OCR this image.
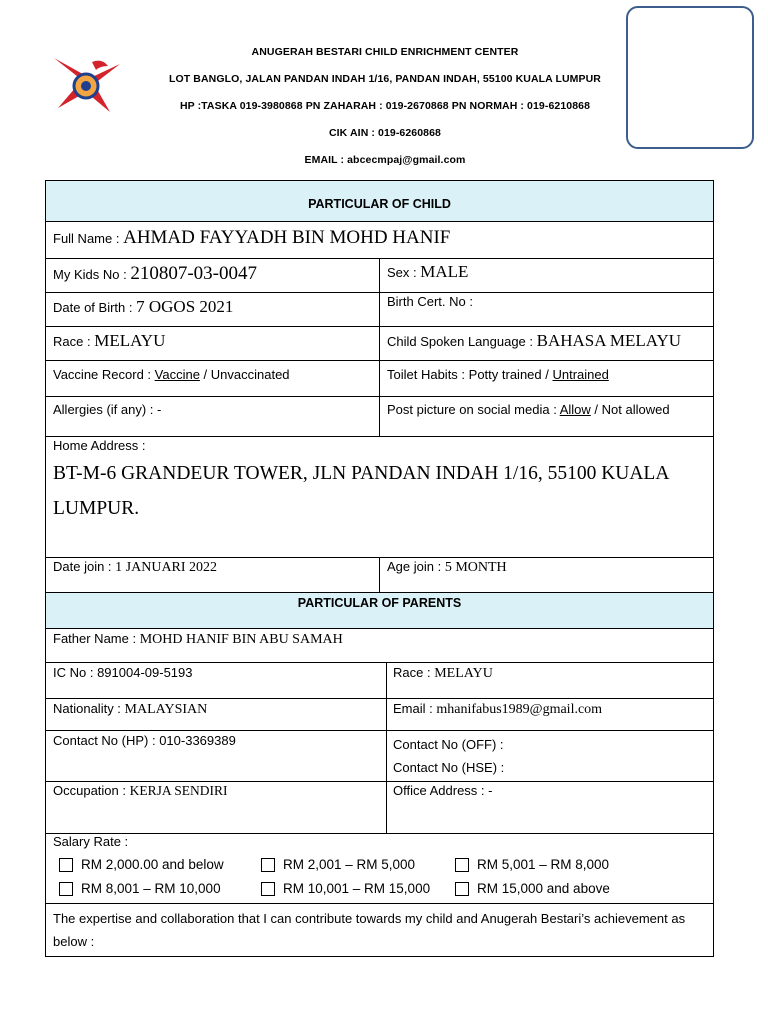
ANUGERAH BESTARI CHILD ENRICHMENT CENTER
LOT BANGLO, JALAN PANDAN INDAH 1/16, PANDAN INDAH, 55100 KUALA LUMPUR
HP :TASKA 019-3980868 PN ZAHARAH : 019-2670868 PN NORMAH : 019-6210868
CIK AIN : 019-6260868
EMAIL : abcecmpaj@gmail.com
PARTICULAR OF CHILD
Full Name : AHMAD FAYYADH BIN MOHD HANIF
My Kids No : 210807-03-0047	Sex : MALE
Date of Birth : 7 OGOS 2021	Birth Cert. No :
Race : MELAYU	Child Spoken Language : BAHASA MELAYU
Vaccine Record : Vaccine / Unvaccinated	Toilet Habits : Potty trained / Untrained
Allergies (if any) : -	Post picture on social media : Allow / Not allowed
Home Address :
BT-M-6 GRANDEUR TOWER, JLN PANDAN INDAH 1/16, 55100 KUALA LUMPUR.
Date join : 1 JANUARI 2022	Age join : 5 MONTH
PARTICULAR OF PARENTS
Father Name : MOHD HANIF BIN ABU SAMAH
IC No : 891004-09-5193	Race : MELAYU
Nationality : MALAYSIAN	Email : mhanifabus1989@gmail.com
Contact No (HP) : 010-3369389	Contact No (OFF) :
Contact No (HSE) :
Occupation : KERJA SENDIRI	Office Address : -
Salary Rate :
RM 2,000.00 and below	RM 2,001 – RM 5,000	RM 5,001 – RM 8,000
RM 8,001 – RM 10,000	RM 10,001 – RM 15,000	RM 15,000 and above
The expertise and collaboration that I can contribute towards my child and Anugerah Bestari’s achievement as below :
